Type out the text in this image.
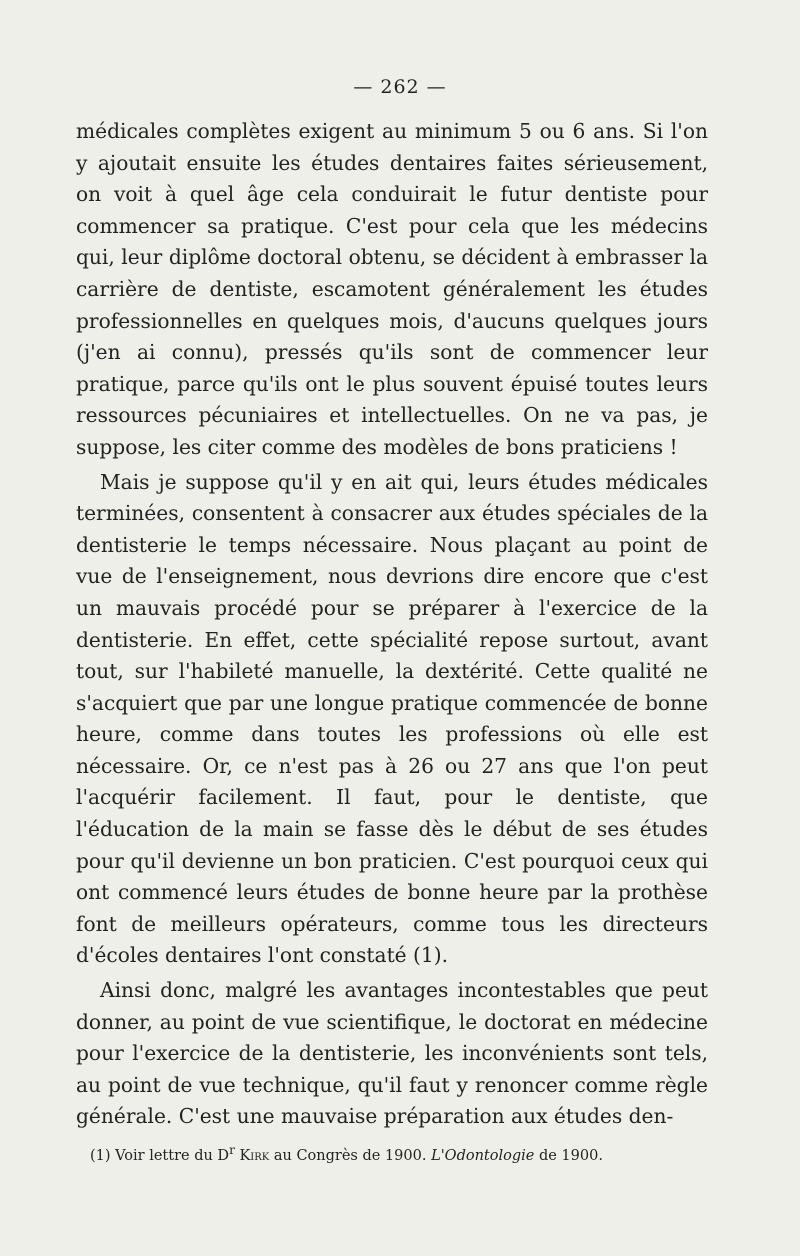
— 262 —

médicales complètes exigent au minimum 5 ou 6 ans. Si l'on y ajoutait ensuite les études dentaires faites sérieusement, on voit à quel âge cela conduirait le futur dentiste pour commencer sa pratique. C'est pour cela que les médecins qui, leur diplôme doctoral obtenu, se décident à embrasser la carrière de dentiste, escamotent généralement les études professionnelles en quelques mois, d'aucuns quelques jours (j'en ai connu), pressés qu'ils sont de commencer leur pratique, parce qu'ils ont le plus souvent épuisé toutes leurs ressources pécuniaires et intellectuelles. On ne va pas, je suppose, les citer comme des modèles de bons praticiens !

Mais je suppose qu'il y en ait qui, leurs études médicales terminées, consentent à consacrer aux études spéciales de la dentisterie le temps nécessaire. Nous plaçant au point de vue de l'enseignement, nous devrions dire encore que c'est un mauvais procédé pour se préparer à l'exercice de la dentisterie. En effet, cette spécialité repose surtout, avant tout, sur l'habileté manuelle, la dextérité. Cette qualité ne s'acquiert que par une longue pratique commencée de bonne heure, comme dans toutes les professions où elle est nécessaire. Or, ce n'est pas à 26 ou 27 ans que l'on peut l'acquérir facilement. Il faut, pour le dentiste, que l'éducation de la main se fasse dès le début de ses études pour qu'il devienne un bon praticien. C'est pourquoi ceux qui ont commencé leurs études de bonne heure par la prothèse font de meilleurs opérateurs, comme tous les directeurs d'écoles dentaires l'ont constaté (1).

Ainsi donc, malgré les avantages incontestables que peut donner, au point de vue scientifique, le doctorat en médecine pour l'exercice de la dentisterie, les inconvénients sont tels, au point de vue technique, qu'il faut y renoncer comme règle générale. C'est une mauvaise préparation aux études den-

(1) Voir lettre du $D^r$ Kirk au Congrès de 1900. L'Odontologie de 1900.
